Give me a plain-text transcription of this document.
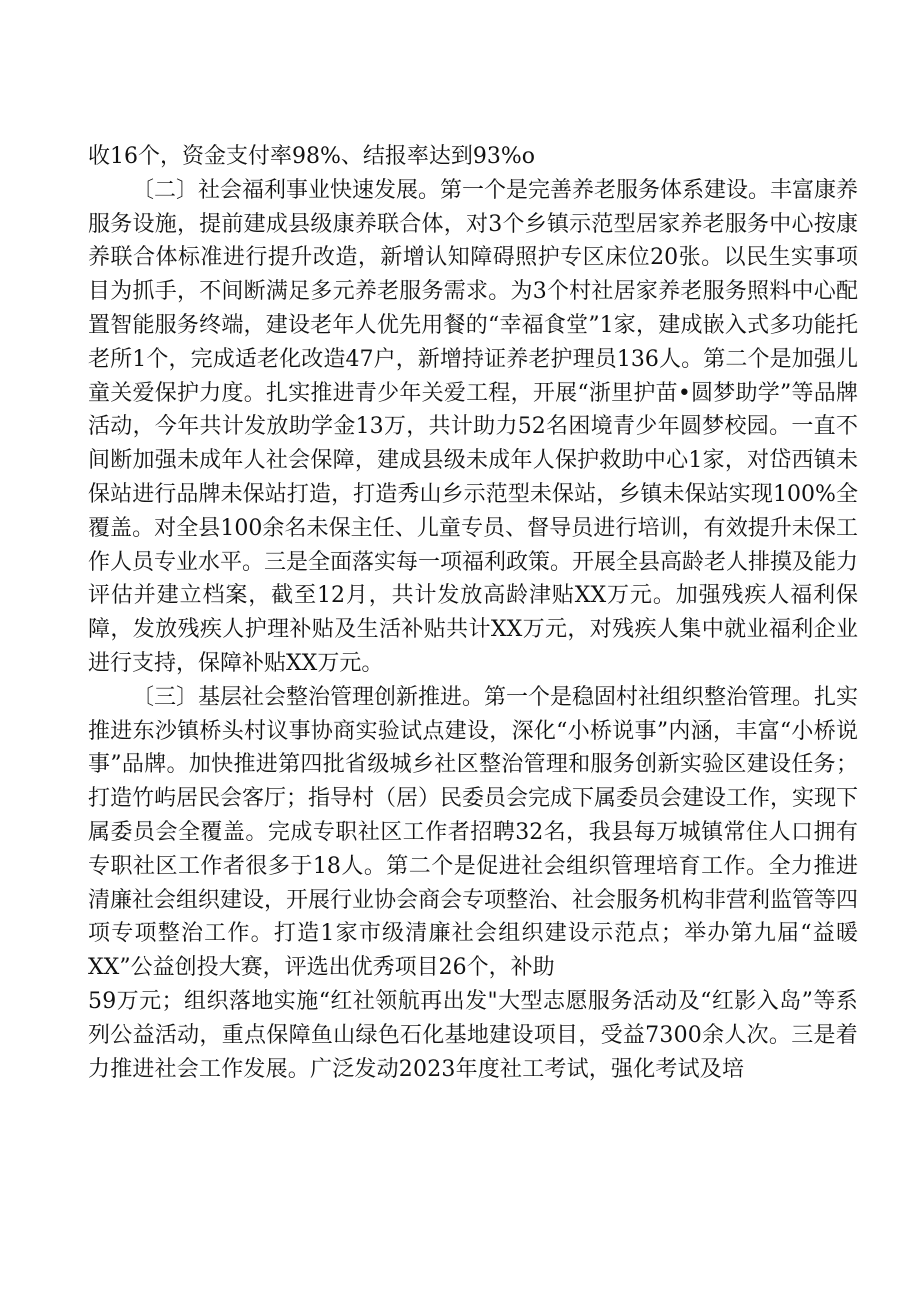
收16个，资金支付率98%、结报率达到93%o

〔二〕社会福利事业快速发展。第一个是完善养老服务体系建设。丰富康养服务设施，提前建成县级康养联合体，对3个乡镇示范型居家养老服务中心按康养联合体标准进行提升改造，新增认知障碍照护专区床位20张。以民生实事项目为抓手，不间断满足多元养老服务需求。为3个村社居家养老服务照料中心配置智能服务终端，建设老年人优先用餐的“幸福食堂”1家，建成嵌入式多功能托老所1个，完成适老化改造47户，新增持证养老护理员136人。第二个是加强儿童关爱保护力度。扎实推进青少年关爱工程，开展“浙里护苗•圆梦助学”等品牌活动，今年共计发放助学金13万，共计助力52名困境青少年圆梦校园。一直不间断加强未成年人社会保障，建成县级未成年人保护救助中心1家，对岱西镇未保站进行品牌未保站打造，打造秀山乡示范型未保站，乡镇未保站实现100%全覆盖。对全县100余名未保主任、儿童专员、督导员进行培训，有效提升未保工作人员专业水平。三是全面落实每一项福利政策。开展全县高龄老人排摸及能力评估并建立档案，截至12月，共计发放高龄津贴XX万元。加强残疾人福利保障，发放残疾人护理补贴及生活补贴共计XX万元，对残疾人集中就业福利企业进行支持，保障补贴XX万元。

〔三〕基层社会整治管理创新推进。第一个是稳固村社组织整治管理。扎实推进东沙镇桥头村议事协商实验试点建设，深化“小桥说事”内涵，丰富“小桥说事”品牌。加快推进第四批省级城乡社区整治管理和服务创新实验区建设任务；打造竹屿居民会客厅；指导村（居）民委员会完成下属委员会建设工作，实现下属委员会全覆盖。完成专职社区工作者招聘32名，我县每万城镇常住人口拥有专职社区工作者很多于18人。第二个是促进社会组织管理培育工作。全力推进清廉社会组织建设，开展行业协会商会专项整治、社会服务机构非营利监管等四项专项整治工作。打造1家市级清廉社会组织建设示范点；举办第九届“益暖XX”公益创投大赛，评选出优秀项目26个，补助

59万元；组织落地实施“红社领航再出发"大型志愿服务活动及“红影入岛”等系列公益活动，重点保障鱼山绿色石化基地建设项目，受益7300余人次。三是着力推进社会工作发展。广泛发动2023年度社工考试，强化考试及培
